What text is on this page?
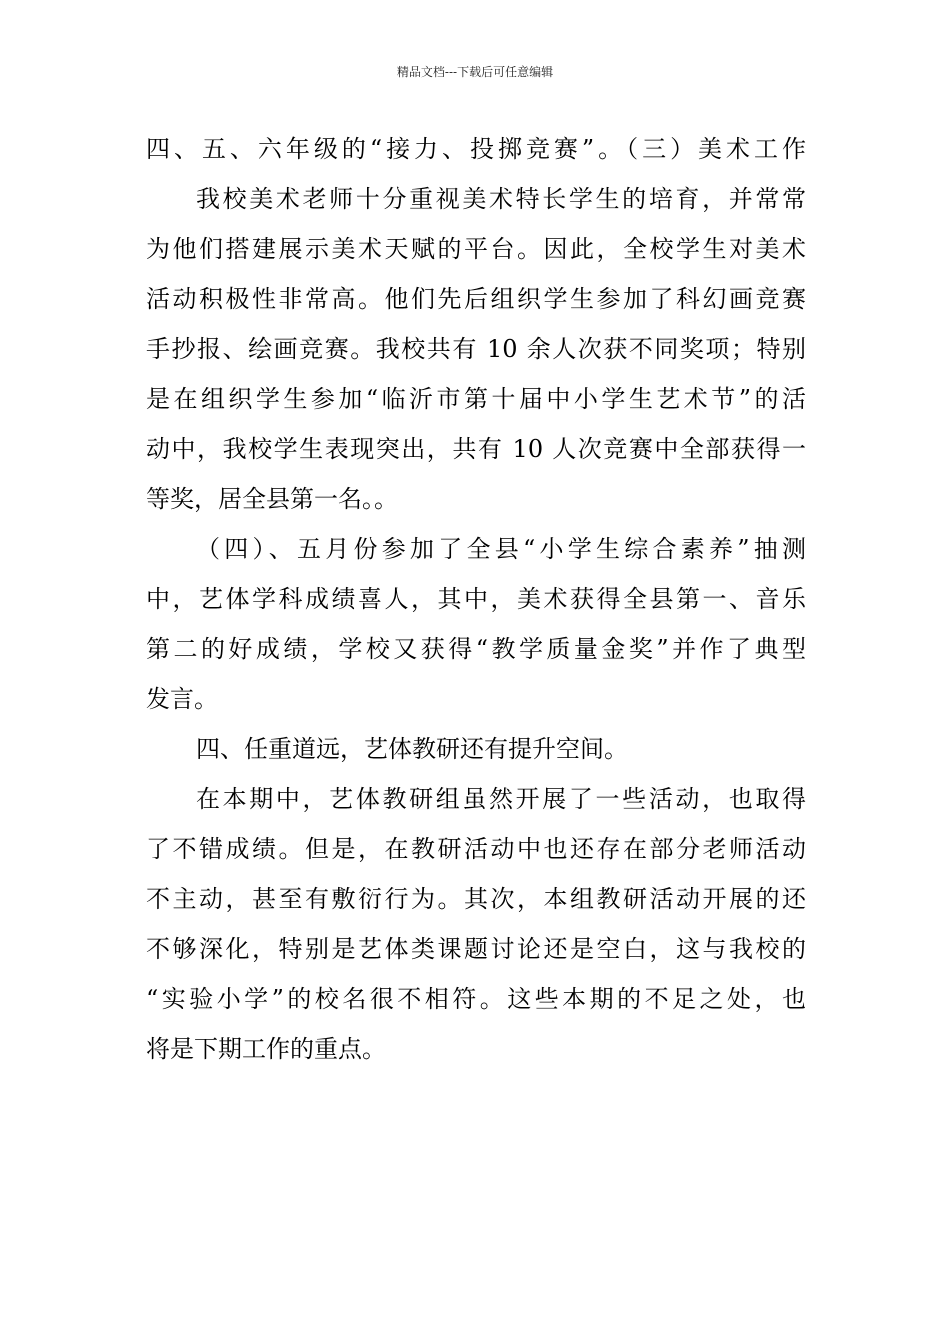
精品文档---下载后可任意编辑
四、五、六年级的“接力、投掷竞赛”。（三）美术工作
我校美术老师十分重视美术特长学生的培育，并常常
为他们搭建展示美术天赋的平台。因此，全校学生对美术
活动积极性非常高。他们先后组织学生参加了科幻画竞赛
手抄报、绘画竞赛。我校共有 10 余人次获不同奖项；特别
是在组织学生参加“临沂市第十届中小学生艺术节”的活
动中，我校学生表现突出，共有 10 人次竞赛中全部获得一
等奖，居全县第一名。。
（四）、五月份参加了全县“小学生综合素养”抽测
中，艺体学科成绩喜人，其中，美术获得全县第一、音乐
第二的好成绩，学校又获得“教学质量金奖”并作了典型
发言。
四、任重道远，艺体教研还有提升空间。
在本期中，艺体教研组虽然开展了一些活动，也取得
了不错成绩。但是，在教研活动中也还存在部分老师活动
不主动，甚至有敷衍行为。其次，本组教研活动开展的还
不够深化，特别是艺体类课题讨论还是空白，这与我校的
“实验小学”的校名很不相符。这些本期的不足之处，也
将是下期工作的重点。
